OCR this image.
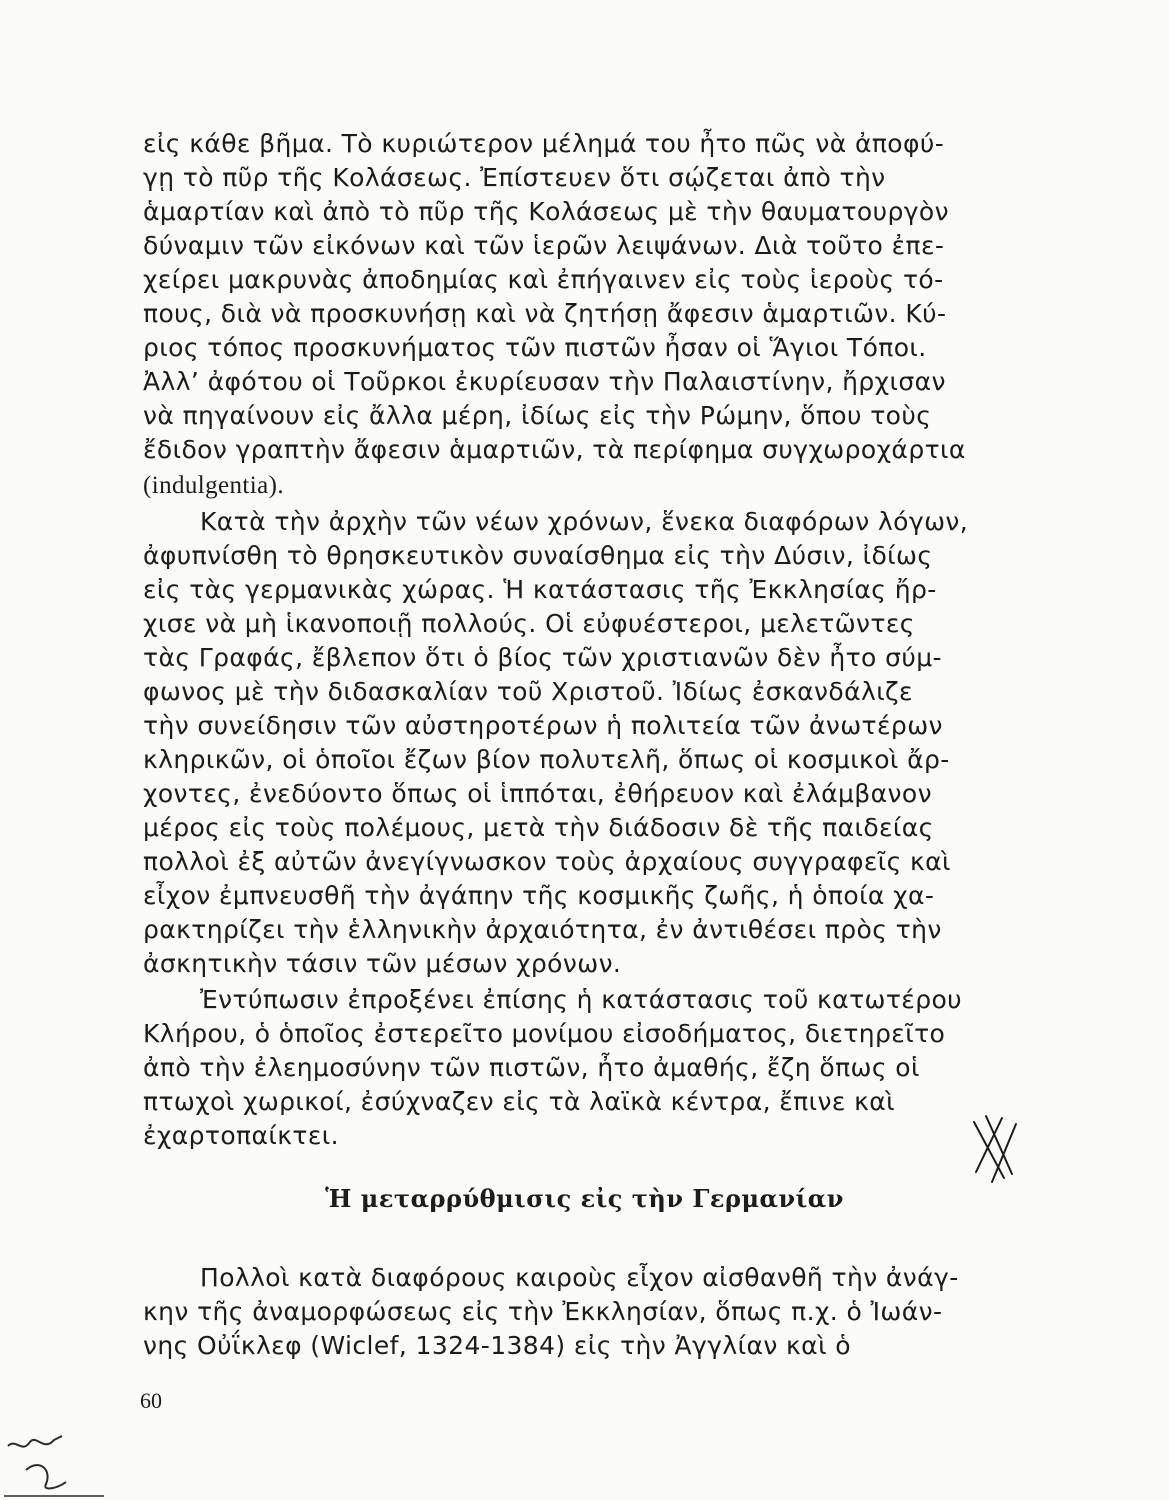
εἰς κάθε βῆμα. Τὸ κυριώτερον μέλημά του ἦτο πῶς νὰ ἀποφύ-
γῃ τὸ πῦρ τῆς Κολάσεως. Ἐπίστευεν ὅτι σῴζεται ἀπὸ τὴν
ἁμαρτίαν καὶ ἀπὸ τὸ πῦρ τῆς Κολάσεως μὲ τὴν θαυματουργὸν
δύναμιν τῶν εἰκόνων καὶ τῶν ἱερῶν λειψάνων. Διὰ τοῦτο ἐπε-
χείρει μακρυνὰς ἀποδημίας καὶ ἐπήγαινεν εἰς τοὺς ἱεροὺς τό-
πους, διὰ νὰ προσκυνήσῃ καὶ νὰ ζητήσῃ ἄφεσιν ἁμαρτιῶν. Κύ-
ριος τόπος προσκυνήματος τῶν πιστῶν ἦσαν οἱ Ἅγιοι Τόποι.
Ἀλλ’ ἀφότου οἱ Τοῦρκοι ἐκυρίευσαν τὴν Παλαιστίνην, ἤρχισαν
νὰ πηγαίνουν εἰς ἄλλα μέρη, ἰδίως εἰς τὴν Ρώμην, ὅπου τοὺς
ἔδιδον γραπτὴν ἄφεσιν ἁμαρτιῶν, τὰ περίφημα συγχωροχάρτια
(indulgentia).
Κατὰ τὴν ἀρχὴν τῶν νέων χρόνων, ἕνεκα διαφόρων λόγων,
ἀφυπνίσθη τὸ θρησκευτικὸν συναίσθημα εἰς τὴν Δύσιν, ἰδίως
εἰς τὰς γερμανικὰς χώρας. Ἡ κατάστασις τῆς Ἐκκλησίας ἤρ-
χισε νὰ μὴ ἱκανοποιῇ πολλούς. Οἱ εὐφυέστεροι, μελετῶντες
τὰς Γραφάς, ἔβλεπον ὅτι ὁ βίος τῶν χριστιανῶν δὲν ἦτο σύμ-
φωνος μὲ τὴν διδασκαλίαν τοῦ Χριστοῦ. Ἰδίως ἐσκανδάλιζε
τὴν συνείδησιν τῶν αὐστηροτέρων ἡ πολιτεία τῶν ἀνωτέρων
κληρικῶν, οἱ ὁποῖοι ἔζων βίον πολυτελῆ, ὅπως οἱ κοσμικοὶ ἄρ-
χοντες, ἐνεδύοντο ὅπως οἱ ἱππόται, ἐθήρευον καὶ ἐλάμβανον
μέρος εἰς τοὺς πολέμους, μετὰ τὴν διάδοσιν δὲ τῆς παιδείας
πολλοὶ ἐξ αὐτῶν ἀνεγίγνωσκον τοὺς ἀρχαίους συγγραφεῖς καὶ
εἶχον ἐμπνευσθῆ τὴν ἀγάπην τῆς κοσμικῆς ζωῆς, ἡ ὁποία χα-
ρακτηρίζει τὴν ἑλληνικὴν ἀρχαιότητα, ἐν ἀντιθέσει πρὸς τὴν
ἀσκητικὴν τάσιν τῶν μέσων χρόνων.
Ἐντύπωσιν ἐπροξένει ἐπίσης ἡ κατάστασις τοῦ κατωτέρου
Κλήρου, ὁ ὁποῖος ἐστερεῖτο μονίμου εἰσοδήματος, διετηρεῖτο
ἀπὸ τὴν ἐλεημοσύνην τῶν πιστῶν, ἦτο ἀμαθής, ἔζη ὅπως οἱ
πτωχοὶ χωρικοί, ἐσύχναζεν εἰς τὰ λαϊκὰ κέντρα, ἔπινε καὶ
ἐχαρτοπαίκτει.
Ἡ μεταρρύθμισις εἰς τὴν Γερμανίαν
Πολλοὶ κατὰ διαφόρους καιροὺς εἶχον αἰσθανθῆ τὴν ἀνάγ-
κην τῆς ἀναμορφώσεως εἰς τὴν Ἐκκλησίαν, ὅπως π.χ. ὁ Ἰωάν-
νης Οὐΐκλεφ (Wiclef, 1324-1384) εἰς τὴν Ἀγγλίαν καὶ ὁ
60
